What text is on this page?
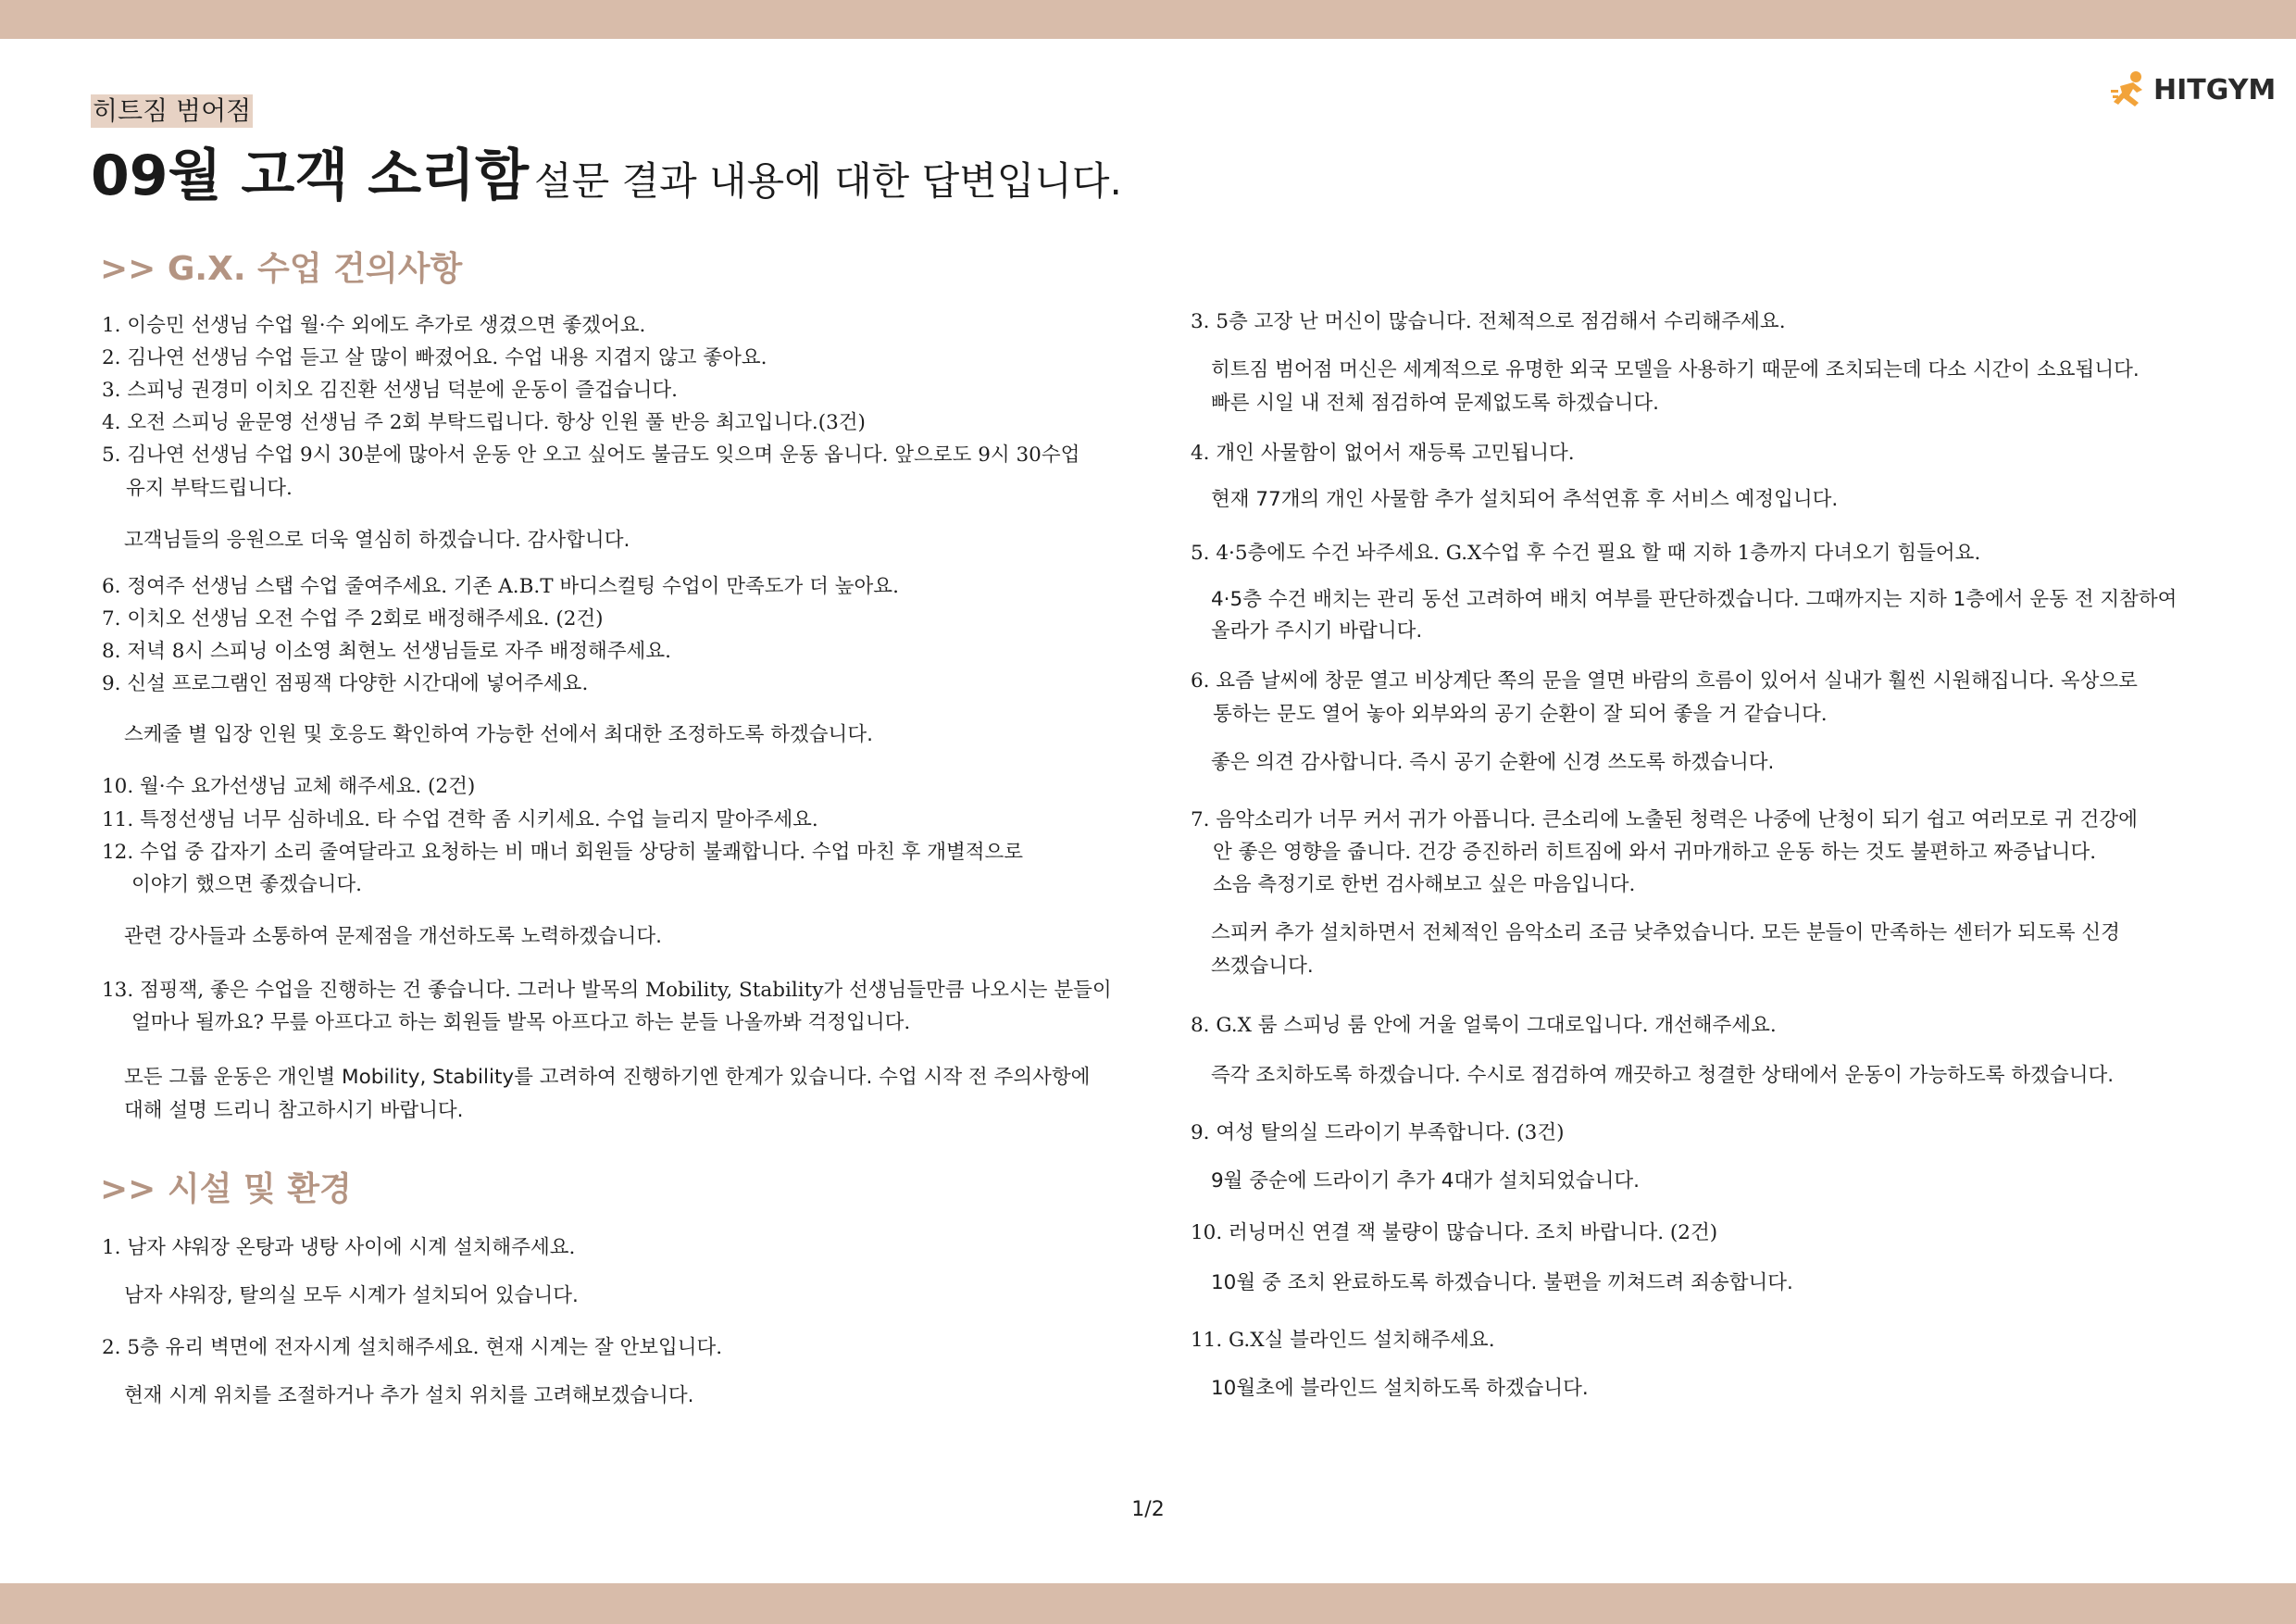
HITGYM
히트짐 범어점
09월 고객 소리함 설문 결과 내용에 대한 답변입니다.
>> G.X. 수업 건의사항
1. 이승민 선생님 수업 월·수 외에도 추가로 생겼으면 좋겠어요.
2. 김나연 선생님 수업 듣고 살 많이 빠졌어요. 수업 내용 지겹지 않고 좋아요.
3. 스피닝 권경미 이치오 김진환 선생님 덕분에 운동이 즐겁습니다.
4. 오전 스피닝 윤문영 선생님 주 2회 부탁드립니다. 항상 인원 풀 반응 최고입니다.(3건)
5. 김나연 선생님 수업 9시 30분에 많아서 운동 안 오고 싶어도 불금도 잊으며 운동 옵니다. 앞으로도 9시 30수업
유지 부탁드립니다.
고객님들의 응원으로 더욱 열심히 하겠습니다. 감사합니다.
6. 정여주 선생님 스탭 수업 줄여주세요. 기존 A.B.T 바디스컬팅 수업이 만족도가 더 높아요.
7. 이치오 선생님 오전 수업 주 2회로 배정해주세요. (2건)
8. 저녁 8시 스피닝 이소영 최현노 선생님들로 자주 배정해주세요.
9. 신설 프로그램인 점핑잭 다양한 시간대에 넣어주세요.
스케줄 별 입장 인원 및 호응도 확인하여 가능한 선에서 최대한 조정하도록 하겠습니다.
10. 월·수 요가선생님 교체 해주세요. (2건)
11. 특정선생님 너무 심하네요. 타 수업 견학 좀 시키세요. 수업 늘리지 말아주세요.
12. 수업 중 갑자기 소리 줄여달라고 요청하는 비 매너 회원들 상당히 불쾌합니다. 수업 마친 후 개별적으로
이야기 했으면 좋겠습니다.
관련 강사들과 소통하여 문제점을 개선하도록 노력하겠습니다.
13. 점핑잭, 좋은 수업을 진행하는 건 좋습니다. 그러나 발목의 Mobility, Stability가 선생님들만큼 나오시는 분들이
얼마나 될까요? 무릎 아프다고 하는 회원들 발목 아프다고 하는 분들 나올까봐 걱정입니다.
모든 그룹 운동은 개인별 Mobility, Stability를 고려하여 진행하기엔 한계가 있습니다. 수업 시작 전 주의사항에
대해 설명 드리니 참고하시기 바랍니다.
>> 시설 및 환경
1. 남자 샤워장 온탕과 냉탕 사이에 시계 설치해주세요.
남자 샤워장, 탈의실 모두 시계가 설치되어 있습니다.
2. 5층 유리 벽면에 전자시계 설치해주세요. 현재 시계는 잘 안보입니다.
현재 시계 위치를 조절하거나 추가 설치 위치를 고려해보겠습니다.
3. 5층 고장 난 머신이 많습니다. 전체적으로 점검해서 수리해주세요.
히트짐 범어점 머신은 세계적으로 유명한 외국 모델을 사용하기 때문에 조치되는데 다소 시간이 소요됩니다.
빠른 시일 내 전체 점검하여 문제없도록 하겠습니다.
4. 개인 사물함이 없어서 재등록 고민됩니다.
현재 77개의 개인 사물함 추가 설치되어 추석연휴 후 서비스 예정입니다.
5. 4·5층에도 수건 놔주세요. G.X수업 후 수건 필요 할 때 지하 1층까지 다녀오기 힘들어요.
4·5층 수건 배치는 관리 동선 고려하여 배치 여부를 판단하겠습니다. 그때까지는 지하 1층에서 운동 전 지참하여
올라가 주시기 바랍니다.
6. 요즘 날씨에 창문 열고 비상계단 쪽의 문을 열면 바람의 흐름이 있어서 실내가 훨씬 시원해집니다. 옥상으로
통하는 문도 열어 놓아 외부와의 공기 순환이 잘 되어 좋을 거 같습니다.
좋은 의견 감사합니다. 즉시 공기 순환에 신경 쓰도록 하겠습니다.
7. 음악소리가 너무 커서 귀가 아픕니다. 큰소리에 노출된 청력은 나중에 난청이 되기 쉽고 여러모로 귀 건강에
안 좋은 영향을 줍니다. 건강 증진하러 히트짐에 와서 귀마개하고 운동 하는 것도 불편하고 짜증납니다.
소음 측정기로 한번 검사해보고 싶은 마음입니다.
스피커 추가 설치하면서 전체적인 음악소리 조금 낮추었습니다. 모든 분들이 만족하는 센터가 되도록 신경
쓰겠습니다.
8. G.X 룸 스피닝 룸 안에 거울 얼룩이 그대로입니다. 개선해주세요.
즉각 조치하도록 하겠습니다. 수시로 점검하여 깨끗하고 청결한 상태에서 운동이 가능하도록 하겠습니다.
9. 여성 탈의실 드라이기 부족합니다. (3건)
9월 중순에 드라이기 추가 4대가 설치되었습니다.
10. 러닝머신 연결 잭 불량이 많습니다. 조치 바랍니다. (2건)
10월 중 조치 완료하도록 하겠습니다. 불편을 끼쳐드려 죄송합니다.
11. G.X실 블라인드 설치해주세요.
10월초에 블라인드 설치하도록 하겠습니다.
1/2
